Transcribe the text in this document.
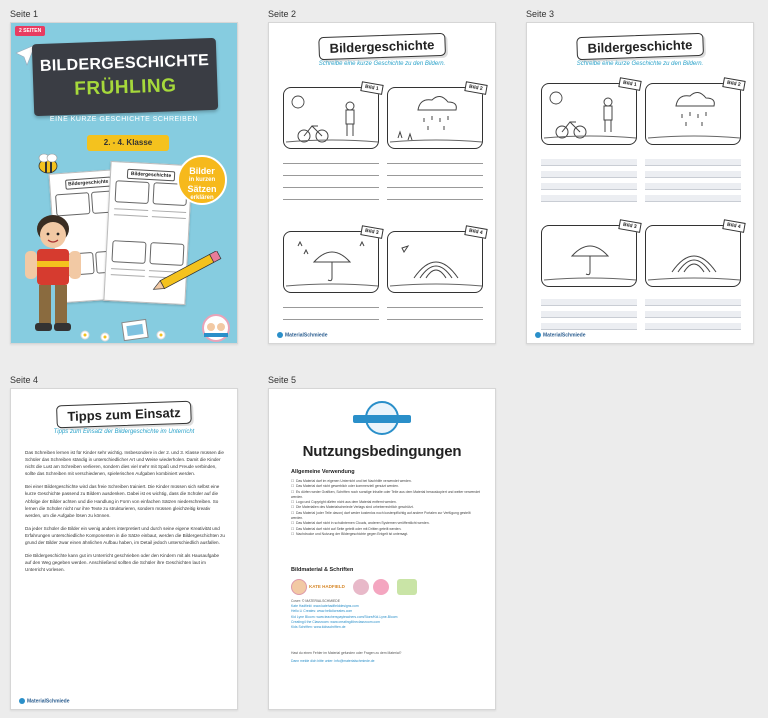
Seite 1
2 SEITEN
BILDERGESCHICHTE
FRÜHLING
EINE KURZE GESCHICHTE SCHREIBEN
2. - 4. Klasse
Bildergeschichte
Bildergeschichte	Bilder
in kurzen
Sätzen
erklären
Seite 2
Bildergeschichte
Schreibe eine kurze Geschichte zu den Bildern.
Bild 1	Bild 2
Bild 3	Bild 4
MaterialSchmiede
Seite 3
Bildergeschichte
Schreibe eine kurze Geschichte zu den Bildern.
Bild 1	Bild 2
Bild 3	Bild 4
MaterialSchmiede
Seite 4
Tipps zum Einsatz
Tipps zum Einsatz der Bildergeschichte im Unterricht

Das Schreiben lernen ist für Kinder sehr wichtig. Insbesondere in der 2. und 3. Klasse müssen die Schüler das Schreiben ständig in unterschiedlicher Art und Weise wiederholen. Damit die Kinder nicht die Lust am Schreiben verlieren, sondern dies viel mehr mit Spaß und Freude verbinden, sollte das Schreiben mit verschiedenen, spielerischen Aufgaben kombiniert werden.

Bei einer Bildergeschichte wird das freie Schreiben trainiert. Die Kinder müssen sich selbst eine kurze Geschichte passend zu Bildern ausdenken. Dabei ist es wichtig, dass die Schüler auf die Abfolge der Bilder achten und die Handlung in Form von einfachen Sätzen niederschreiben. So lernen die Schüler nicht nur ihre Texte zu strukturieren, sondern müssen gleichzeitig kreativ werden, um die Aufgabe lösen zu können.

Da jeder Schüler die Bilder ein wenig anders interpretiert und durch seine eigene Kreativität und Erfahrungen unterschiedliche Komponenten in die Sätze einbaut, werden die Bildergeschichten zu grund der Bilder zwar einen ähnlichen Aufbau haben, im Detail jedoch unterschiedlich ausfallen.

Die Bildergeschichte kann gut im Unterricht geschrieben oder den Kindern mit als Hausaufgabe auf den Weg gegeben werden. Anschließend sollten die Schüler ihre Geschichten laut im Unterricht vorlesen.

MaterialSchmiede
Seite 5
Nutzungsbedingungen
Allgemeine Verwendung
☐ Das Material darf im eigenen Unterricht und bei Nachhilfe verwendet werden.
☐ Das Material darf nicht gewerblich oder kommerziell genutzt werden.
☐ Es dürfen weder Grafiken, Schriften noch sonstige Inhalte oder Teile aus dem Material herauskopiert und weiter verwendet werden.
☐ Logo und Copyright dürfen nicht aus dem Material entfernt werden.
☐ Die Materialien des Materialschmiede Verlags sind urheberrechtlich geschützt.
☐ Das Material (oder Teile davon) darf weder kostenlos noch kostenpflichtig auf andere Portalen zur Verfügung gestellt werden.
☐ Das Material darf nicht in schulinternen Clouds, anderen Systemen veröffentlicht werden.
☐ Das Material darf nicht auf Seite geteilt oder mit Dritten geteilt werden.
☐ Nachdrucke und Nutzung der Bildergeschichte gegen Entgelt ist untersagt.
Bildmaterial & Schriften
KATE HADFIELD
Cover: © MATERIALSCHMIEDE
Kate Hadfield: www.katehadfielddesigns.com
Hello Li Creates: www.hellolicreates.com
Kid Lyne Bloom: www.teacherspayteachers.com/Store/Kid-Lyne-Bloom
Creating4 the Classroom: www.creating4theclassroom.com
Kids Schriften: www.kidsschriften.de
Hast du einen Fehler im Material gefunden oder Fragen zu dem Material?
Dann melde dich bitte unter: info@materialschmiede.de
